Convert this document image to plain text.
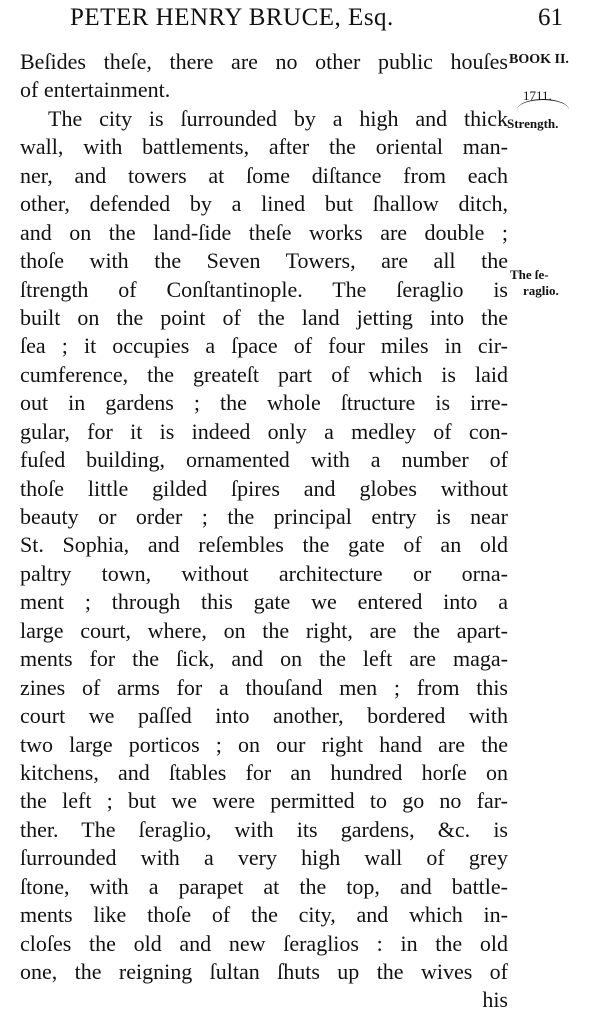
PETER HENRY BRUCE, Esq.	61
Beſides theſe, there are no other public houſes
of entertainment.
The city is ſurrounded by a high and thick
wall, with battlements, after the oriental man-
ner, and towers at ſome diſtance from each
other, defended by a lined but ſhallow ditch,
and on the land-ſide theſe works are double ;
thoſe with the Seven Towers, are all the
ſtrength of Conſtantinople. The ſeraglio is
built on the point of the land jetting into the
ſea ; it occupies a ſpace of four miles in cir-
cumference, the greateſt part of which is laid
out in gardens ; the whole ſtructure is irre-
gular, for it is indeed only a medley of con-
fuſed building, ornamented with a number of
thoſe little gilded ſpires and globes without
beauty or order ; the principal entry is near
St. Sophia, and reſembles the gate of an old
paltry town, without architecture or orna-
ment ; through this gate we entered into a
large court, where, on the right, are the apart-
ments for the ſick, and on the left are maga-
zines of arms for a thouſand men ; from this
court we paſſed into another, bordered with
two large porticos ; on our right hand are the
kitchens, and ſtables for an hundred horſe on
the left ; but we were permitted to go no far-
ther. The ſeraglio, with its gardens, &c. is
ſurrounded with a very high wall of grey
ſtone, with a parapet at the top, and battle-
ments like thoſe of the city, and which in-
cloſes the old and new ſeraglios : in the old
one, the reigning ſultan ſhuts up the wives of
his
BOOK II.
1711.
Strength.
The ſe-
raglio.
